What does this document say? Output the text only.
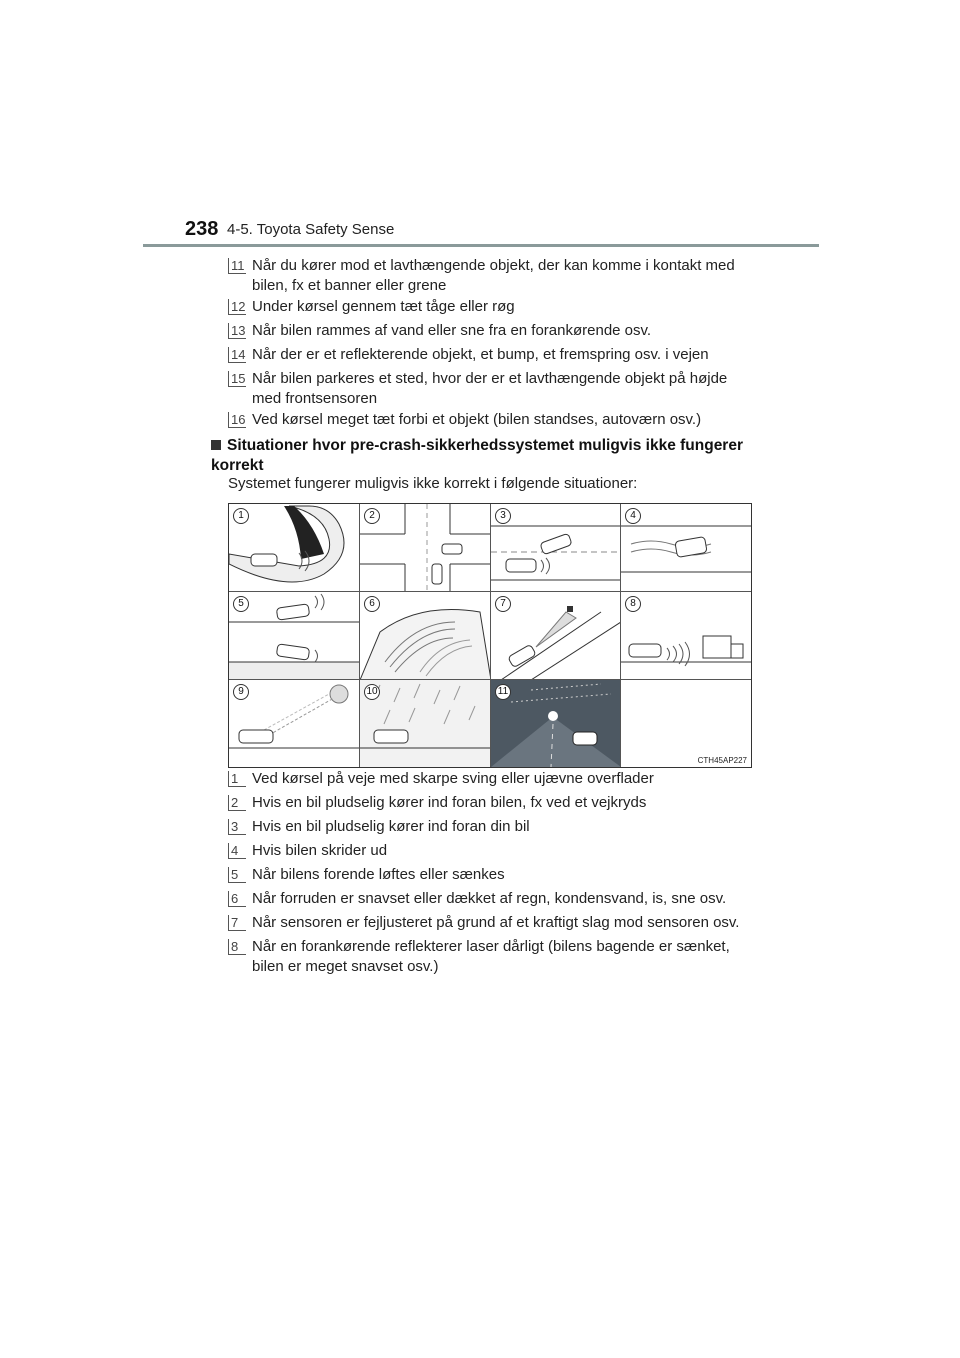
238 4-5. Toyota Safety Sense
11 Når du kører mod et lavthængende objekt, der kan komme i kontakt med bilen, fx et banner eller grene
12 Under kørsel gennem tæt tåge eller røg
13 Når bilen rammes af vand eller sne fra en forankørende osv.
14 Når der er et reflekterende objekt, et bump, et fremspring osv. i vejen
15 Når bilen parkeres et sted, hvor der er et lavthængende objekt på højde med frontsensoren
16 Ved kørsel meget tæt forbi et objekt (bilen standses, autoværn osv.)
Situationer hvor pre-crash-sikkerhedssystemet muligvis ikke fungerer korrekt
Systemet fungerer muligvis ikke korrekt i følgende situationer:
1	2	3	4
5	6	7	8
9	10	11
CTH45AP227
1 Ved kørsel på veje med skarpe sving eller ujævne overflader
2 Hvis en bil pludselig kører ind foran bilen, fx ved et vejkryds
3 Hvis en bil pludselig kører ind foran din bil
4 Hvis bilen skrider ud
5 Når bilens forende løftes eller sænkes
6 Når forruden er snavset eller dækket af regn, kondensvand, is, sne osv.
7 Når sensoren er fejljusteret på grund af et kraftigt slag mod sensoren osv.
8 Når en forankørende reflekterer laser dårligt (bilens bagende er sænket, bilen er meget snavset osv.)
